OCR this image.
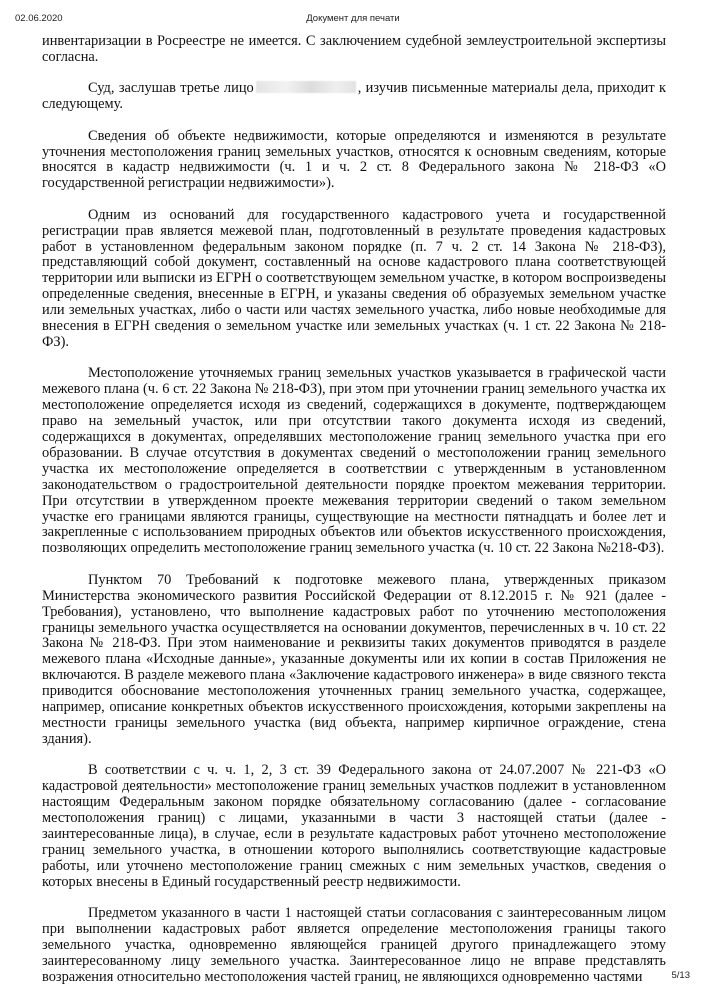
02.06.2020	Документ для печати

инвентаризации в Росреестре не имеется. С заключением судебной землеустроительной экспертизы согласна.

Суд, заслушав третье лицо	, изучив письменные материалы дела, приходит к следующему.

Сведения об объекте недвижимости, которые определяются и изменяются в результате уточнения местоположения границ земельных участков, относятся к основным сведениям, которые вносятся в кадастр недвижимости (ч. 1 и ч. 2 ст. 8 Федерального закона № 218-ФЗ «О государственной регистрации недвижимости»).

Одним из оснований для государственного кадастрового учета и государственной регистрации прав является межевой план, подготовленный в результате проведения кадастровых работ в установленном федеральным законом порядке (п. 7 ч. 2 ст. 14 Закона № 218-ФЗ), представляющий собой документ, составленный на основе кадастрового плана соответствующей территории или выписки из ЕГРН о соответствующем земельном участке, в котором воспроизведены определенные сведения, внесенные в ЕГРН, и указаны сведения об образуемых земельном участке или земельных участках, либо о части или частях земельного участка, либо новые необходимые для внесения в ЕГРН сведения о земельном участке или земельных участках (ч. 1 ст. 22 Закона № 218-ФЗ).

Местоположение уточняемых границ земельных участков указывается в графической части межевого плана (ч. 6 ст. 22 Закона № 218-ФЗ), при этом при уточнении границ земельного участка их местоположение определяется исходя из сведений, содержащихся в документе, подтверждающем право на земельный участок, или при отсутствии такого документа исходя из сведений, содержащихся в документах, определявших местоположение границ земельного участка при его образовании. В случае отсутствия в документах сведений о местоположении границ земельного участка их местоположение определяется в соответствии с утвержденным в установленном законодательством о градостроительной деятельности порядке проектом межевания территории. При отсутствии в утвержденном проекте межевания территории сведений о таком земельном участке его границами являются границы, существующие на местности пятнадцать и более лет и закрепленные с использованием природных объектов или объектов искусственного происхождения, позволяющих определить местоположение границ земельного участка (ч. 10 ст. 22 Закона №218-ФЗ).

Пунктом 70 Требований к подготовке межевого плана, утвержденных приказом Министерства экономического развития Российской Федерации от 8.12.2015 г. № 921 (далее - Требования), установлено, что выполнение кадастровых работ по уточнению местоположения границы земельного участка осуществляется на основании документов, перечисленных в ч. 10 ст. 22 Закона № 218-ФЗ. При этом наименование и реквизиты таких документов приводятся в разделе межевого плана «Исходные данные», указанные документы или их копии в состав Приложения не включаются. В разделе межевого плана «Заключение кадастрового инженера» в виде связного текста приводится обоснование местоположения уточненных границ земельного участка, содержащее, например, описание конкретных объектов искусственного происхождения, которыми закреплены на местности границы земельного участка (вид объекта, например кирпичное ограждение, стена здания).

В соответствии с ч. ч. 1, 2, 3 ст. 39 Федерального закона от 24.07.2007 № 221-ФЗ «О кадастровой деятельности» местоположение границ земельных участков подлежит в установленном настоящим Федеральным законом порядке обязательному согласованию (далее - согласование местоположения границ) с лицами, указанными в части 3 настоящей статьи (далее - заинтересованные лица), в случае, если в результате кадастровых работ уточнено местоположение границ земельного участка, в отношении которого выполнялись соответствующие кадастровые работы, или уточнено местоположение границ смежных с ним земельных участков, сведения о которых внесены в Единый государственный реестр недвижимости.

Предметом указанного в части 1 настоящей статьи согласования с заинтересованным лицом при выполнении кадастровых работ является определение местоположения границы такого земельного участка, одновременно являющейся границей другого принадлежащего этому заинтересованному лицу земельного участка. Заинтересованное лицо не вправе представлять возражения относительно местоположения частей границ, не являющихся одновременно частями	5/13
